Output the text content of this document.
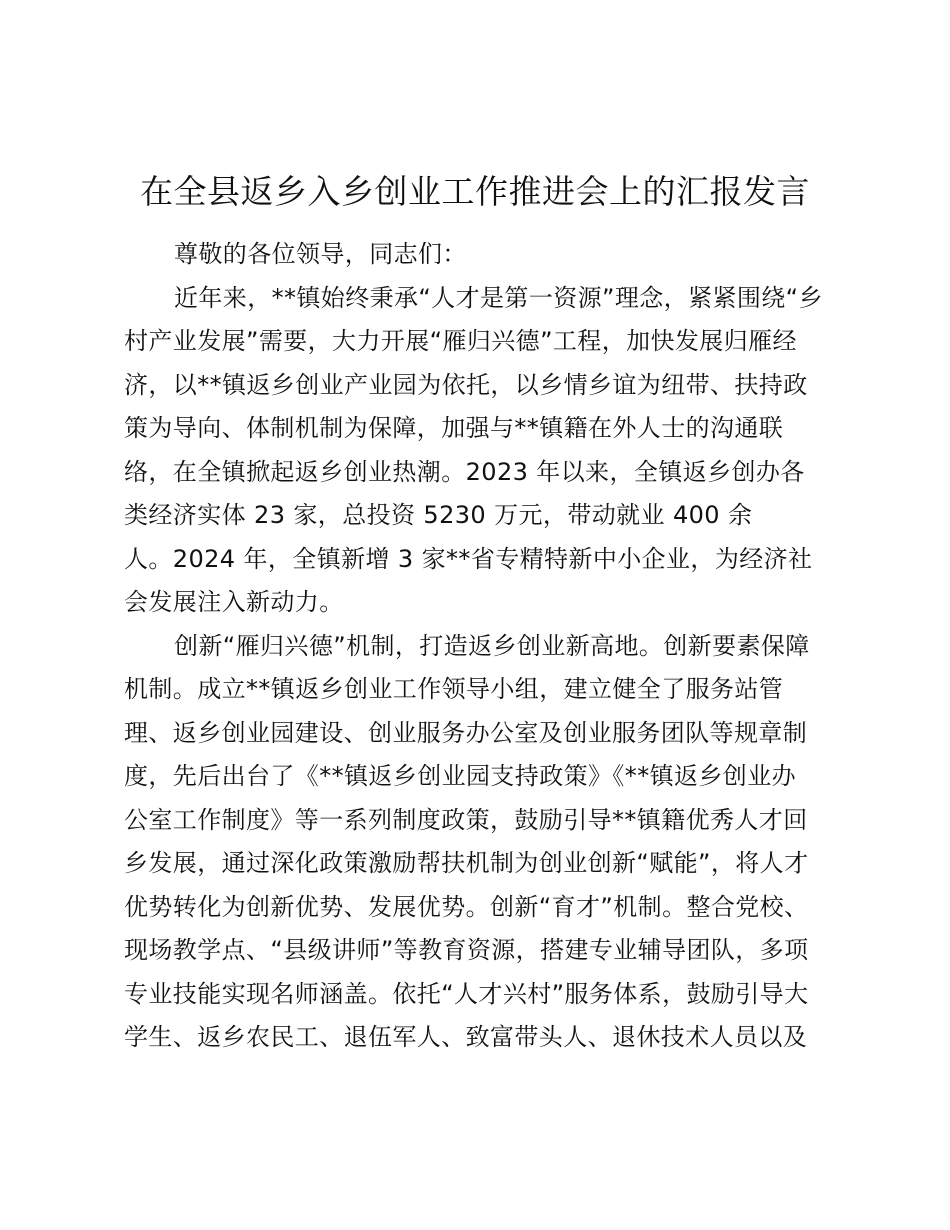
在全县返乡入乡创业工作推进会上的汇报发言

尊敬的各位领导，同志们：

近年来，**镇始终秉承“人才是第一资源”理念，紧紧围绕“乡

村产业发展”需要，大力开展“雁归兴德”工程，加快发展归雁经

济，以**镇返乡创业产业园为依托，以乡情乡谊为纽带、扶持政

策为导向、体制机制为保障，加强与**镇籍在外人士的沟通联

络，在全镇掀起返乡创业热潮。2023 年以来，全镇返乡创办各

类经济实体 23 家，总投资 5230 万元，带动就业 400 余

人。2024 年，全镇新增 3 家**省专精特新中小企业，为经济社

会发展注入新动力。

创新“雁归兴德”机制，打造返乡创业新高地。创新要素保障

机制。成立**镇返乡创业工作领导小组，建立健全了服务站管

理、返乡创业园建设、创业服务办公室及创业服务团队等规章制

度，先后出台了《**镇返乡创业园支持政策》《**镇返乡创业办

公室工作制度》等一系列制度政策，鼓励引导**镇籍优秀人才回

乡发展，通过深化政策激励帮扶机制为创业创新“赋能”，将人才

优势转化为创新优势、发展优势。创新“育才”机制。整合党校、

现场教学点、“县级讲师”等教育资源，搭建专业辅导团队，多项

专业技能实现名师涵盖。依托“人才兴村”服务体系，鼓励引导大

学生、返乡农民工、退伍军人、致富带头人、退休技术人员以及
